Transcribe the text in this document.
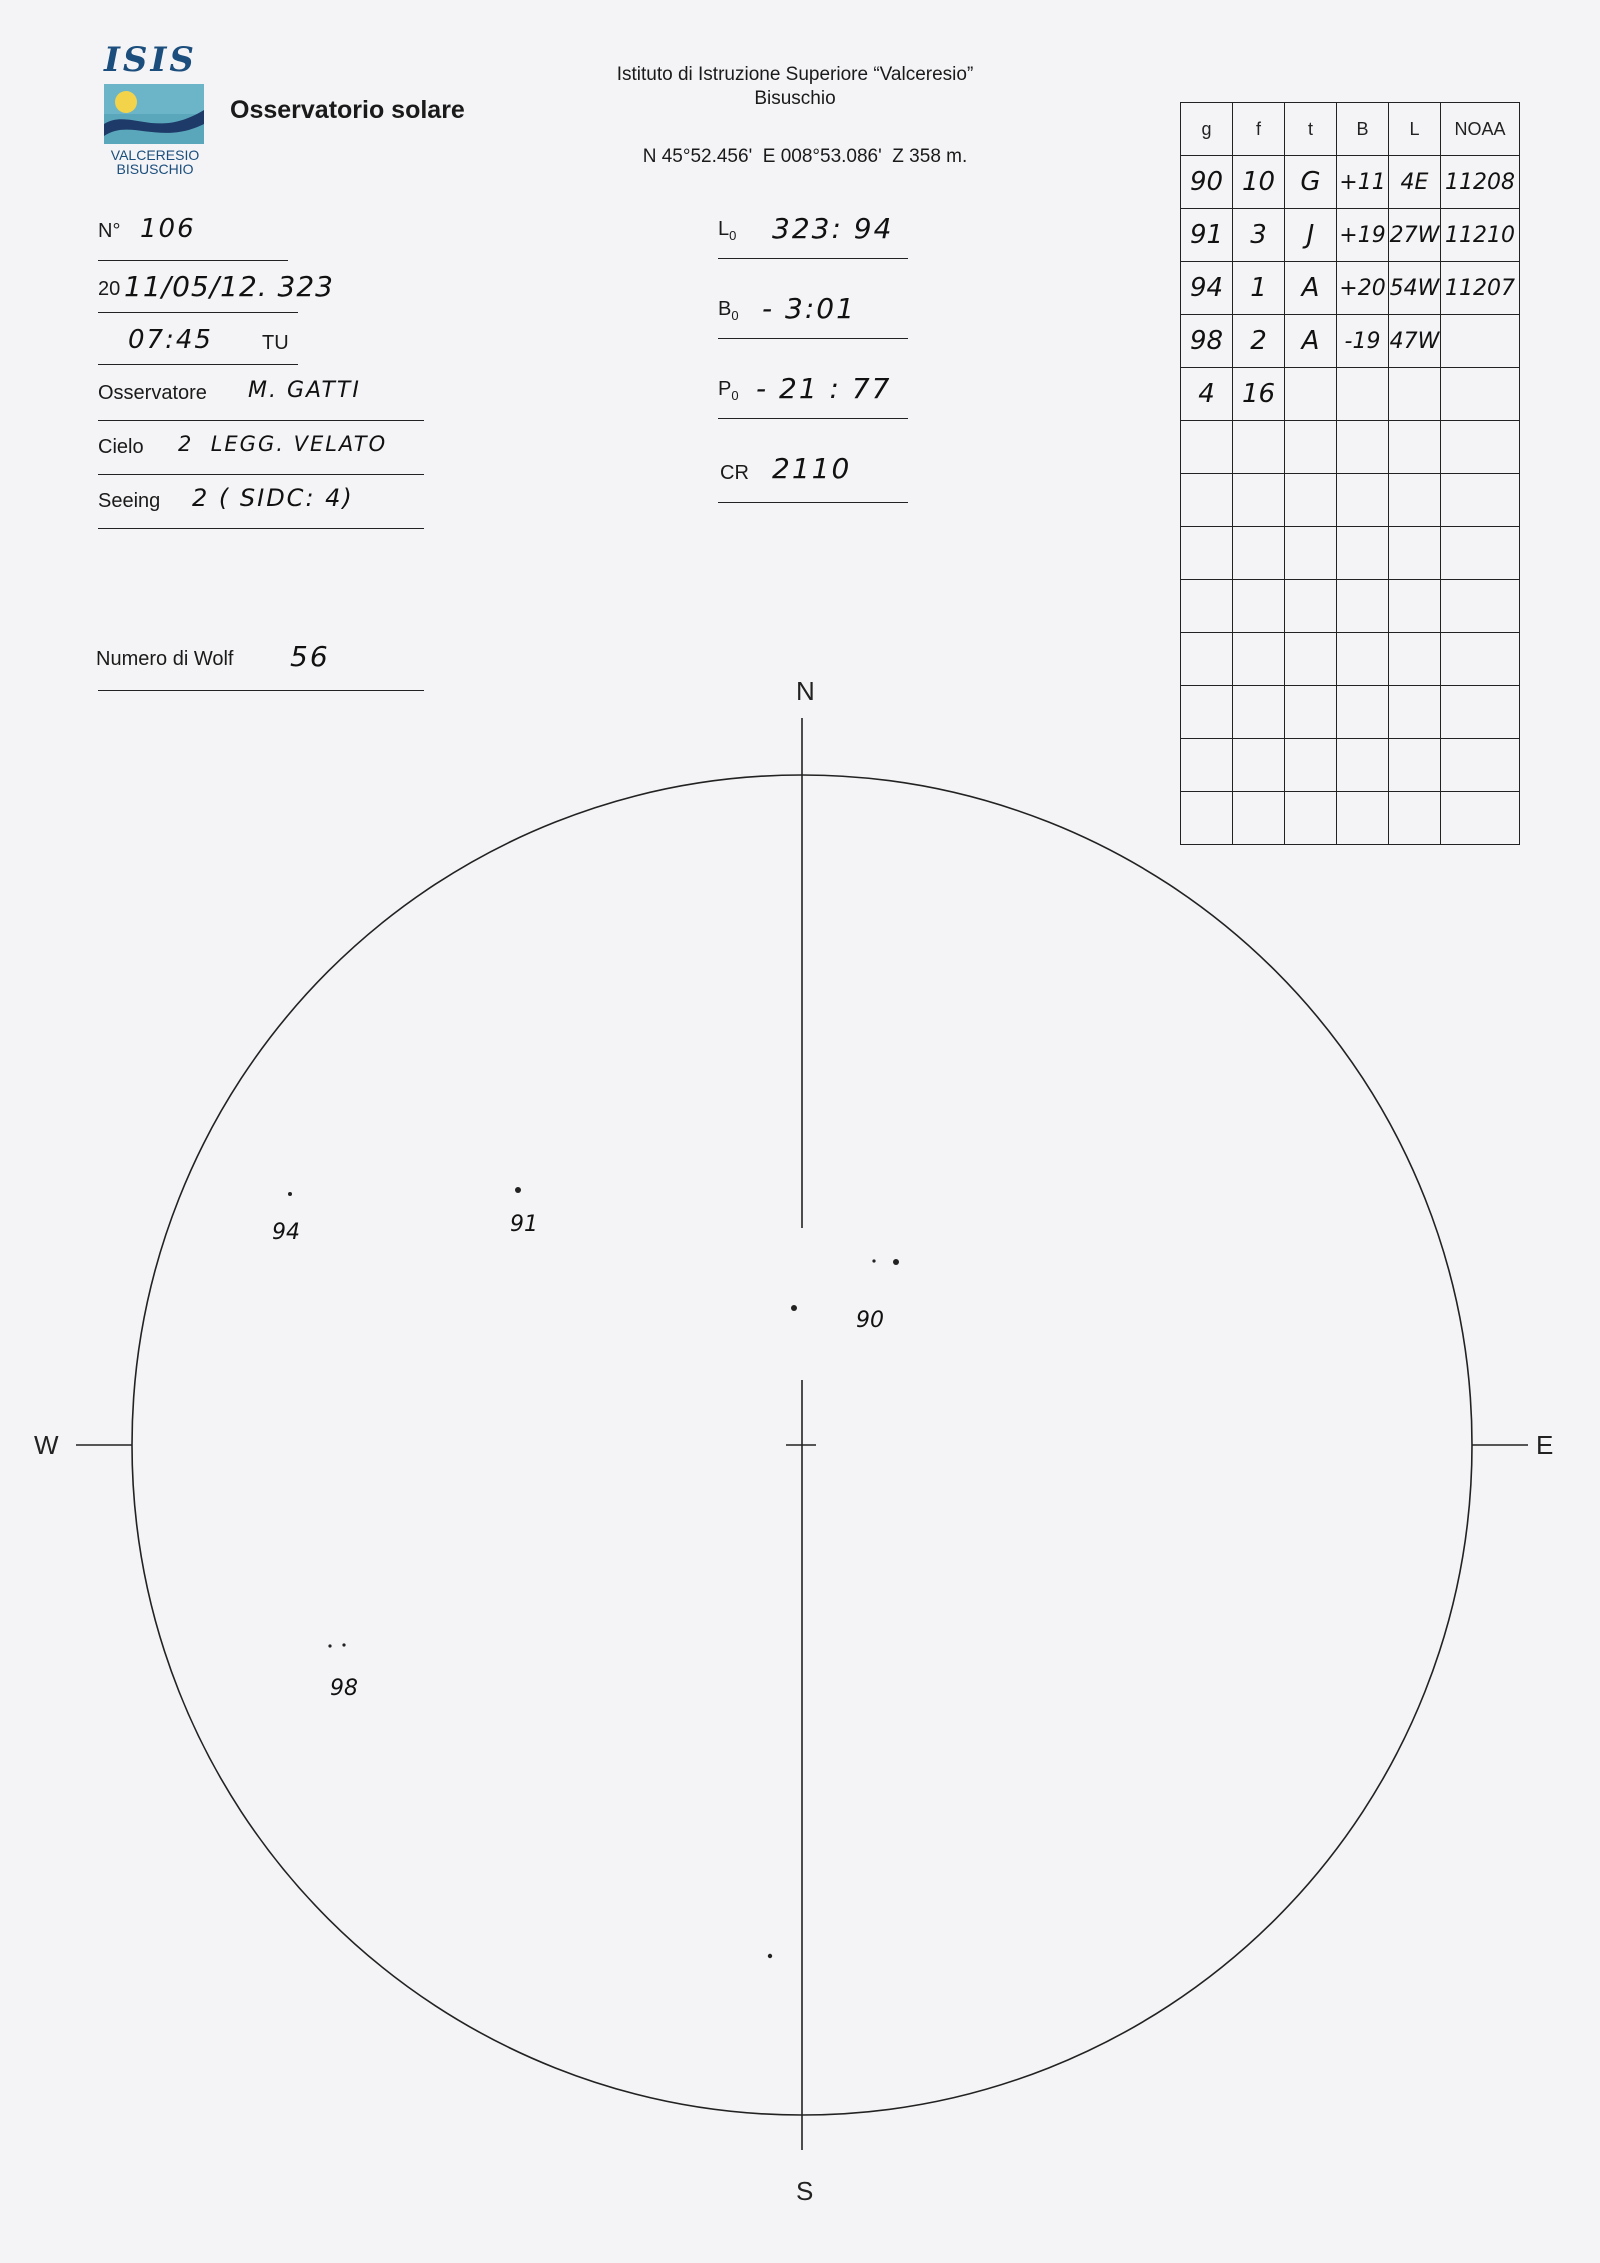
ISIS
VALCERESIO
BISUSCHIO
Osservatorio solare
Istituto di Istruzione Superiore “Valceresio”
Bisuschio
N 45°52.456'  E 008°53.086'  Z 358 m.
N° 106
20 11/05/12. 323
07:45 TU
Osservatore M. GATTI
Cielo 2  LEGG. VELATO
Seeing 2 ( SIDC: 4)
Numero di Wolf 56
$L_0$ 323: 94
$B_0$ - 3:01
$P_0 - 21$ : 77
CR 2110
g	f	t	B	L	NOAA
90	10	G	+11	4E	11208
91	3	J	+19	27W	11210
94	1	A	+20	54W	11207
98	2	A	-19	47W	
4	16				

N
S
W	E
94	91
90
98
